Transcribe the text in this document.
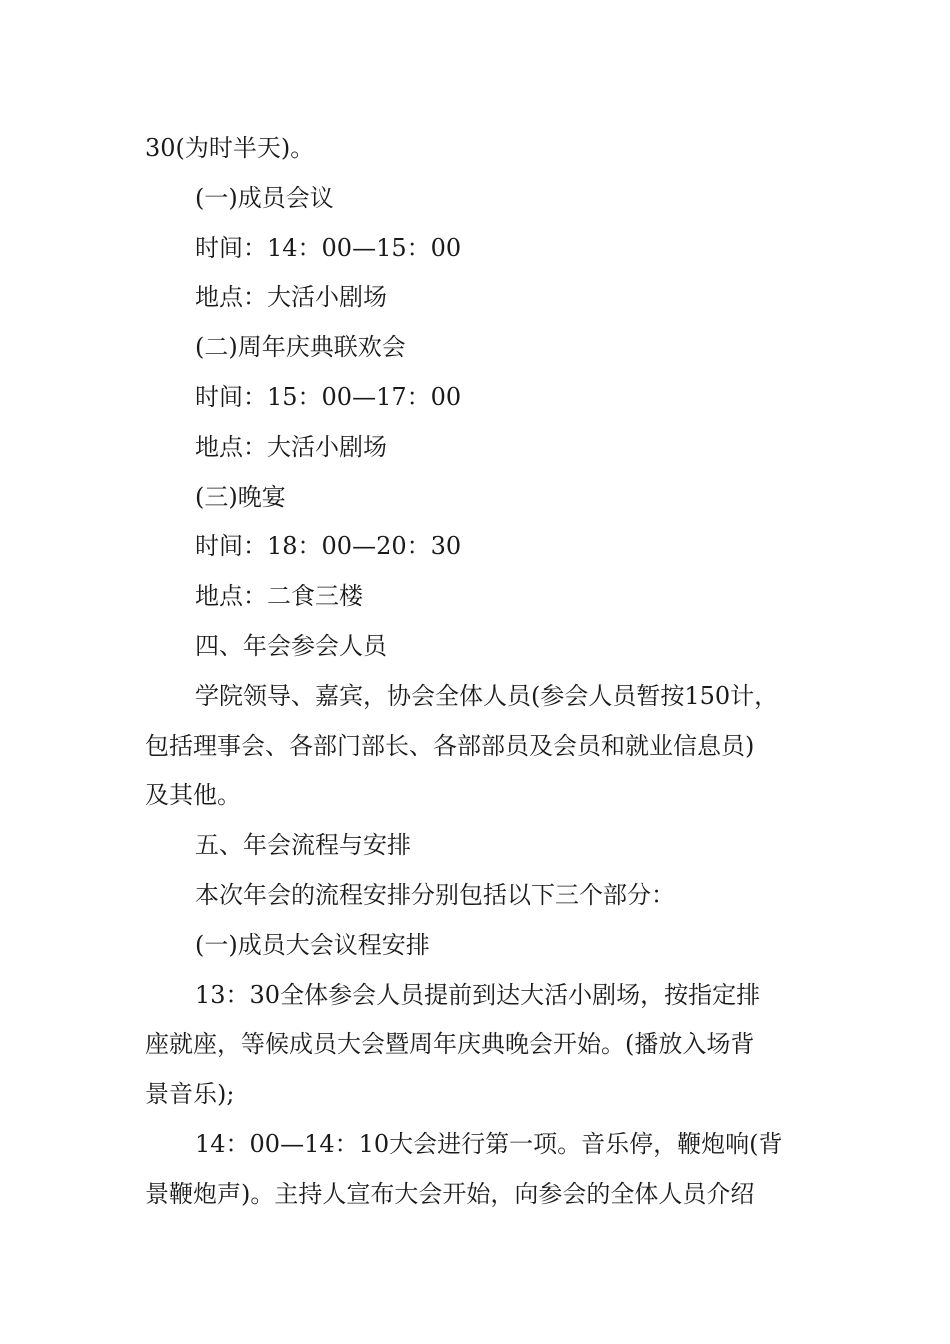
30(为时半天)。

(一)成员会议

时间：14：00—15：00

地点：大活小剧场

(二)周年庆典联欢会

时间：15：00—17：00

地点：大活小剧场

(三)晚宴

时间：18：00—20：30

地点：二食三楼

四、年会参会人员

学院领导、嘉宾，协会全体人员(参会人员暂按150计，
包括理事会、各部门部长、各部部员及会员和就业信息员)
及其他。

五、年会流程与安排

本次年会的流程安排分别包括以下三个部分：

(一)成员大会议程安排

13：30全体参会人员提前到达大活小剧场，按指定排
座就座，等候成员大会暨周年庆典晚会开始。(播放入场背
景音乐);

14：00—14：10大会进行第一项。音乐停，鞭炮响(背
景鞭炮声)。主持人宣布大会开始，向参会的全体人员介绍
